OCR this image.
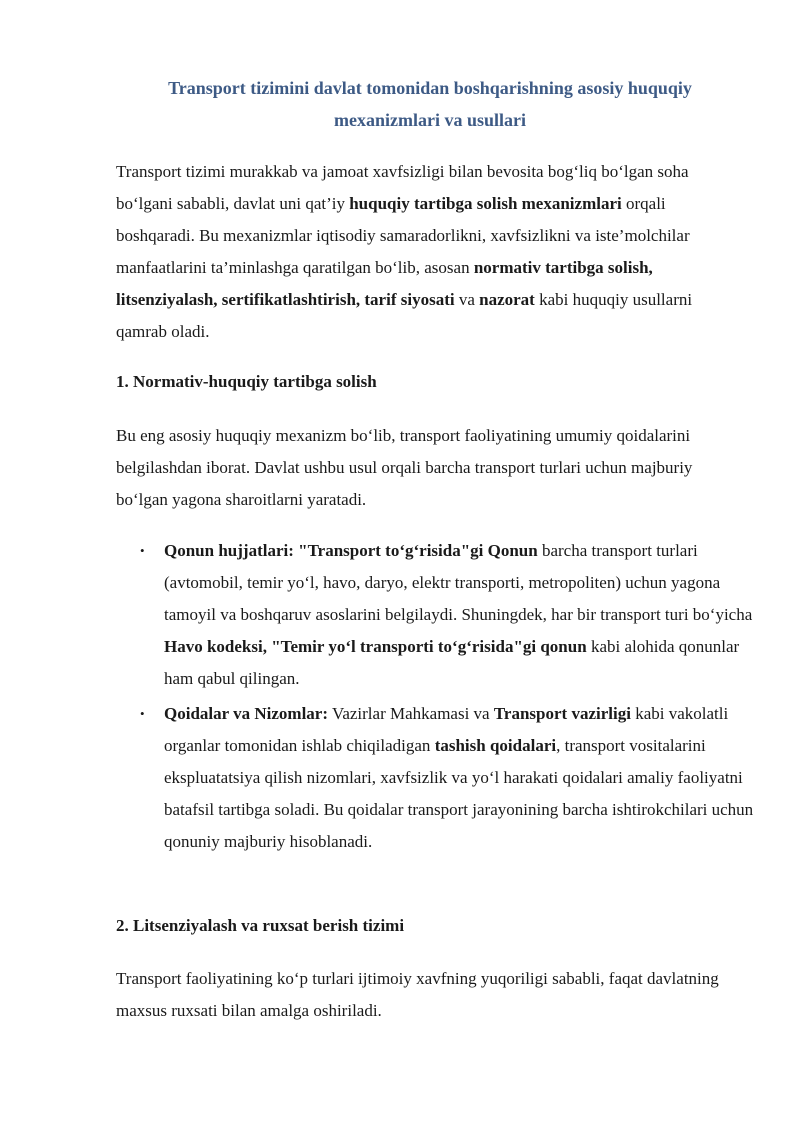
Transport tizimini davlat tomonidan boshqarishning asosiy huquqiy
mexanizmlari va usullari

Transport tizimi murakkab va jamoat xavfsizligi bilan bevosita bog‘liq bo‘lgan soha bo‘lgani sababli, davlat uni qat’iy huquqiy tartibga solish mexanizmlari orqali boshqaradi. Bu mexanizmlar iqtisodiy samaradorlikni, xavfsizlikni va iste’molchilar manfaatlarini ta’minlashga qaratilgan bo‘lib, asosan normativ tartibga solish, litsenziyalash, sertifikatlashtirish, tarif siyosati va nazorat kabi huquqiy usullarni qamrab oladi.

1. Normativ-huquqiy tartibga solish

Bu eng asosiy huquqiy mexanizm bo‘lib, transport faoliyatining umumiy qoidalarini belgilashdan iborat. Davlat ushbu usul orqali barcha transport turlari uchun majburiy bo‘lgan yagona sharoitlarni yaratadi.

• Qonun hujjatlari: "Transport to‘g‘risida"gi Qonun barcha transport turlari (avtomobil, temir yo‘l, havo, daryo, elektr transporti, metropoliten) uchun yagona tamoyil va boshqaruv asoslarini belgilaydi. Shuningdek, har bir transport turi bo‘yicha Havo kodeksi, "Temir yo‘l transporti to‘g‘risida"gi qonun kabi alohida qonunlar ham qabul qilingan.
• Qoidalar va Nizomlar: Vazirlar Mahkamasi va Transport vazirligi kabi vakolatli organlar tomonidan ishlab chiqiladigan tashish qoidalari, transport vositalarini ekspluatatsiya qilish nizomlari, xavfsizlik va yo‘l harakati qoidalari amaliy faoliyatni batafsil tartibga soladi. Bu qoidalar transport jarayonining barcha ishtirokchilari uchun qonuniy majburiy hisoblanadi.
2. Litsenziyalash va ruxsat berish tizimi

Transport faoliyatining ko‘p turlari ijtimoiy xavfning yuqoriligi sababli, faqat davlatning maxsus ruxsati bilan amalga oshiriladi.
